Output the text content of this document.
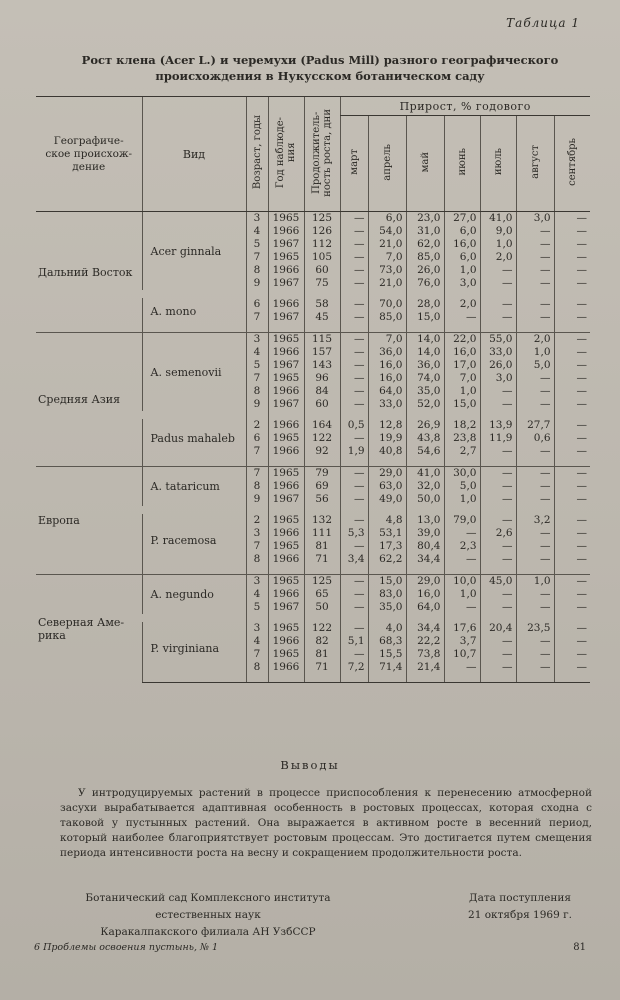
Таблица 1
Рост клена (Acer L.) и черемухи (Padus Mill) разного географического происхождения в Нукусском ботаническом саду
Географиче-
ское происхож-
дение	Вид	Возраст, годы	Год наблюде-
ния	Продолжитель-
ность роста, дни	Прирост, % годового						
					март	апрель	май	июнь	июль	август	сентябрь
Дальний Восток	Acer ginnala	3	1965	125	—	6,0	23,0	27,0	41,0	3,0	—
		4	1966	126	—	54,0	31,0	6,0	9,0	—	—
		5	1967	112	—	21,0	62,0	16,0	1,0	—	—
		7	1965	105	—	7,0	85,0	6,0	2,0	—	—
		8	1966	60	—	73,0	26,0	1,0	—	—	—
		9	1967	75	—	21,0	76,0	3,0	—	—	—

	A. mono	6	1966	58	—	70,0	28,0	2,0	—	—	—
		7	1967	45	—	85,0	15,0	—	—	—	—

Средняя Азия	A. semenovii	3	1965	115	—	7,0	14,0	22,0	55,0	2,0	—
		4	1966	157	—	36,0	14,0	16,0	33,0	1,0	—
		5	1967	143	—	16,0	36,0	17,0	26,0	5,0	—
		7	1965	96	—	16,0	74,0	7,0	3,0	—	—
		8	1966	84	—	64,0	35,0	1,0	—	—	—
		9	1967	60	—	33,0	52,0	15,0	—	—	—

	Padus mahaleb	2	1966	164	0,5	12,8	26,9	18,2	13,9	27,7	—
		6	1965	122	—	19,9	43,8	23,8	11,9	0,6	—
		7	1966	92	1,9	40,8	54,6	2,7	—	—	—

Европа	A. tataricum	7	1965	79	—	29,0	41,0	30,0	—	—	—
		8	1966	69	—	63,0	32,0	5,0	—	—	—
		9	1967	56	—	49,0	50,0	1,0	—	—	—

	P. racemosa	2	1965	132	—	4,8	13,0	79,0	—	3,2	—
		3	1966	111	5,3	53,1	39,0	—	2,6	—	—
		7	1965	81	—	17,3	80,4	2,3	—	—	—
		8	1966	71	3,4	62,2	34,4	—	—	—	—

Северная Аме-
рика	A. negundo	3	1965	125	—	15,0	29,0	10,0	45,0	1,0	—
		4	1966	65	—	83,0	16,0	1,0	—	—	—
		5	1967	50	—	35,0	64,0	—	—	—	—

	P. virginiana	3	1965	122	—	4,0	34,4	17,6	20,4	23,5	—
		4	1966	82	5,1	68,3	22,2	3,7	—	—	—
		7	1965	81	—	15,5	73,8	10,7	—	—	—
		8	1966	71	7,2	71,4	21,4	—	—	—	—

Выводы
У интродуцируемых растений в процессе приспособления к перенесению атмосферной засухи вырабатывается адаптивная особенность в ростовых процессах, которая сходна с таковой у пустынных растений. Она выражается в активном росте в весенний период, который наиболее благоприятствует ростовым процессам. Это достигается путем смещения периода интенсивности роста на весну и сокращением продолжительности роста.
Ботанический сад Комплексного института
естественных наук
Каракалпакского филиала АН УзбССР
Дата поступления
21 октября 1969 г.
6 Проблемы освоения пустынь, № 1	81
